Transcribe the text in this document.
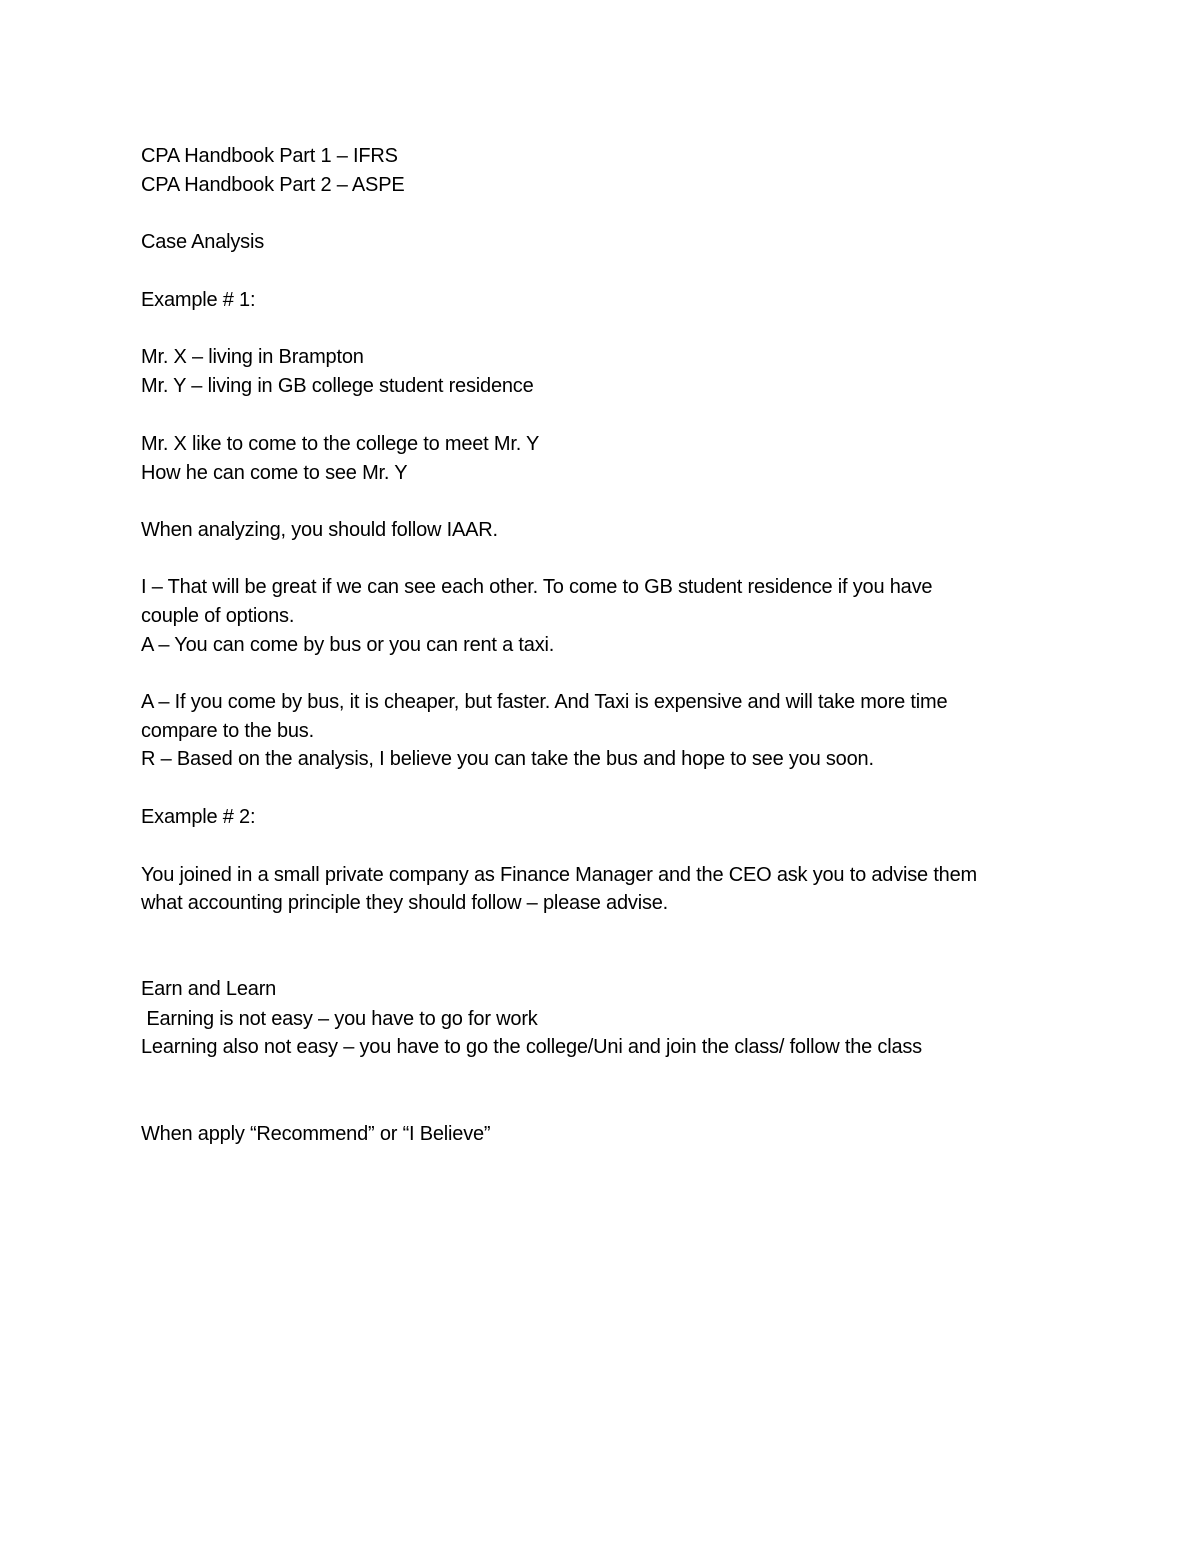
CPA Handbook Part 1 – IFRS

CPA Handbook Part 2 – ASPE

Case Analysis

Example # 1:

Mr. X – living in Brampton

Mr. Y – living in GB college student residence

Mr. X like to come to the college to meet Mr. Y

How he can come to see Mr. Y

When analyzing, you should follow IAAR.

I – That will be great if we can see each other. To come to GB student residence if you have

couple of options.

A – You can come by bus or you can rent a taxi.

A – If you come by bus, it is cheaper, but faster. And Taxi is expensive and will take more time

compare to the bus.

R – Based on the analysis, I believe you can take the bus and hope to see you soon.

Example # 2:

You joined in a small private company as Finance Manager and the CEO ask you to advise them

what accounting principle they should follow – please advise.

Earn and Learn

Earning is not easy – you have to go for work

Learning also not easy – you have to go the college/Uni and join the class/ follow the class

When apply “Recommend” or “I Believe”
